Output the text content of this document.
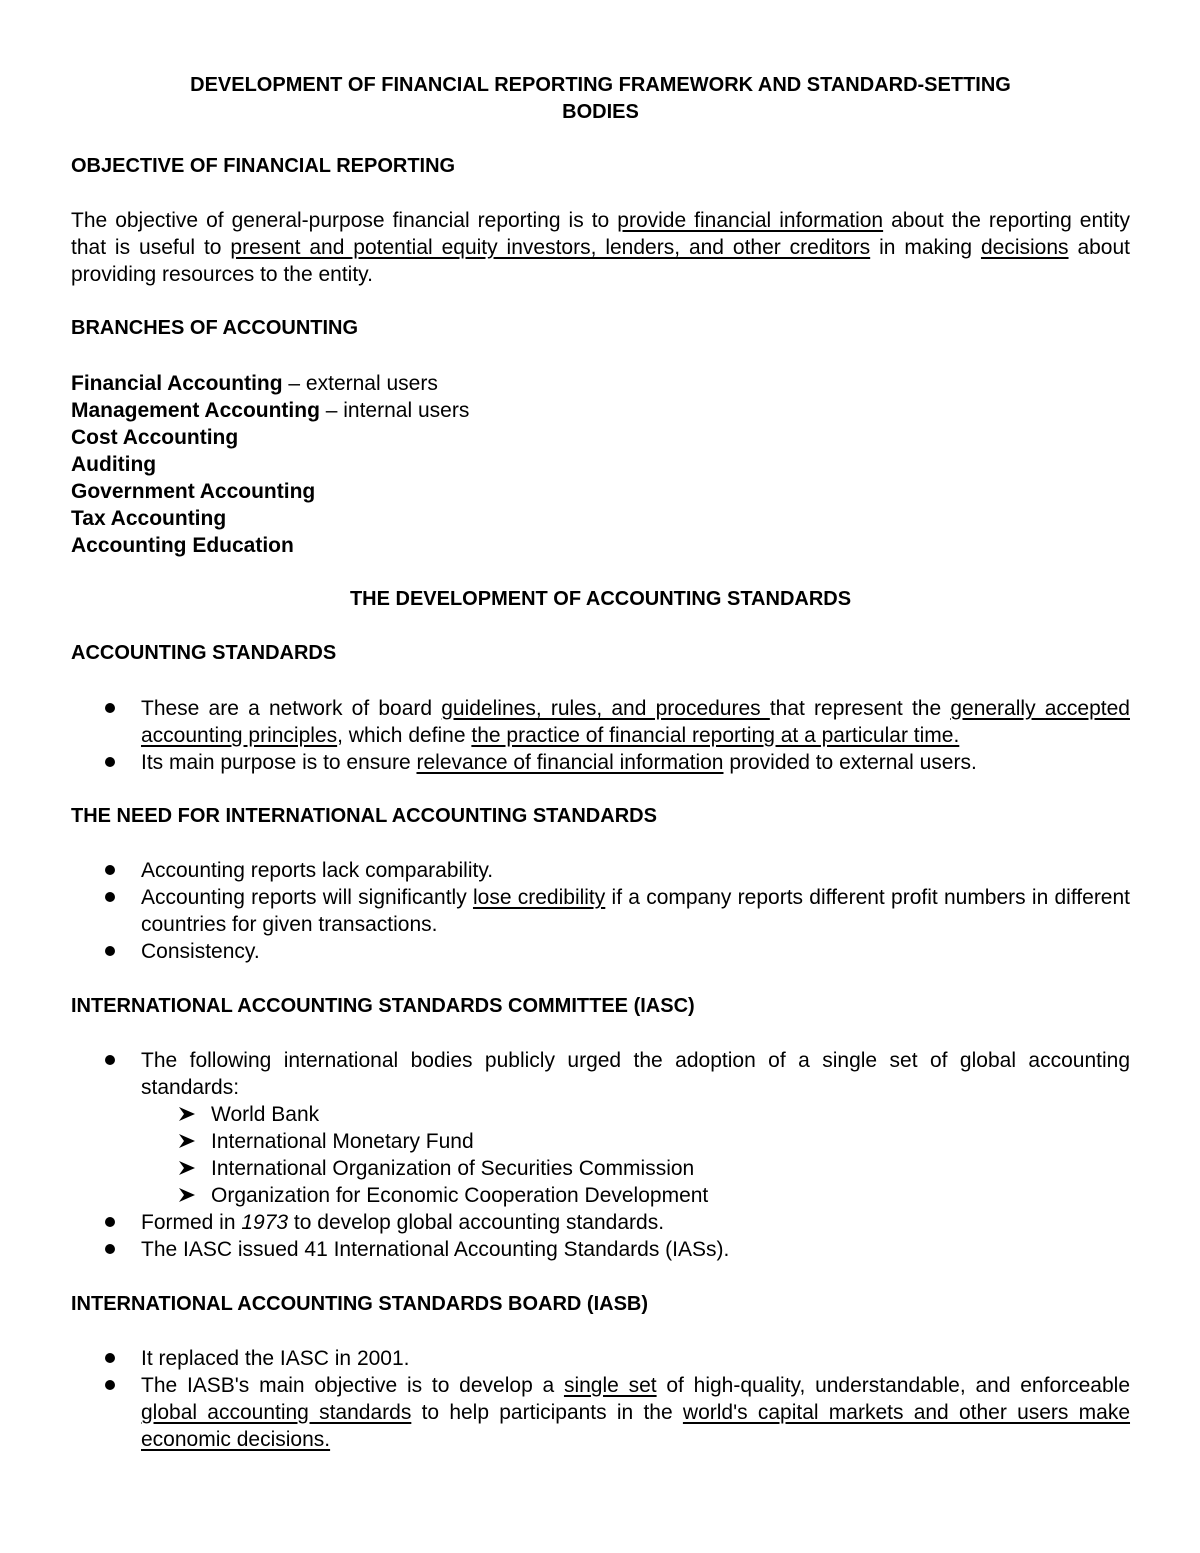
DEVELOPMENT OF FINANCIAL REPORTING FRAMEWORK AND STANDARD-SETTING
BODIES

OBJECTIVE OF FINANCIAL REPORTING

The objective of general-purpose financial reporting is to provide financial information about the reporting entity that is useful to present and potential equity investors, lenders, and other creditors in making decisions about providing resources to the entity.

BRANCHES OF ACCOUNTING
Financial Accounting – external users
Management Accounting – internal users
Cost Accounting
Auditing
Government Accounting
Tax Accounting
Accounting Education
THE DEVELOPMENT OF ACCOUNTING STANDARDS
ACCOUNTING STANDARDS
These are a network of board guidelines, rules, and procedures that represent the generally accepted accounting principles, which define the practice of financial reporting at a particular time.
Its main purpose is to ensure relevance of financial information provided to external users.
THE NEED FOR INTERNATIONAL ACCOUNTING STANDARDS
Accounting reports lack comparability.
Accounting reports will significantly lose credibility if a company reports different profit numbers in different countries for given transactions.
Consistency.
INTERNATIONAL ACCOUNTING STANDARDS COMMITTEE (IASC)
The following international bodies publicly urged the adoption of a single set of global accounting standards:
World Bank
International Monetary Fund
International Organization of Securities Commission
Organization for Economic Cooperation Development
Formed in 1973 to develop global accounting standards.
The IASC issued 41 International Accounting Standards (IASs).
INTERNATIONAL ACCOUNTING STANDARDS BOARD (IASB)
It replaced the IASC in 2001.
The IASB's main objective is to develop a single set of high-quality, understandable, and enforceable global accounting standards to help participants in the world's capital markets and other users make economic decisions.
